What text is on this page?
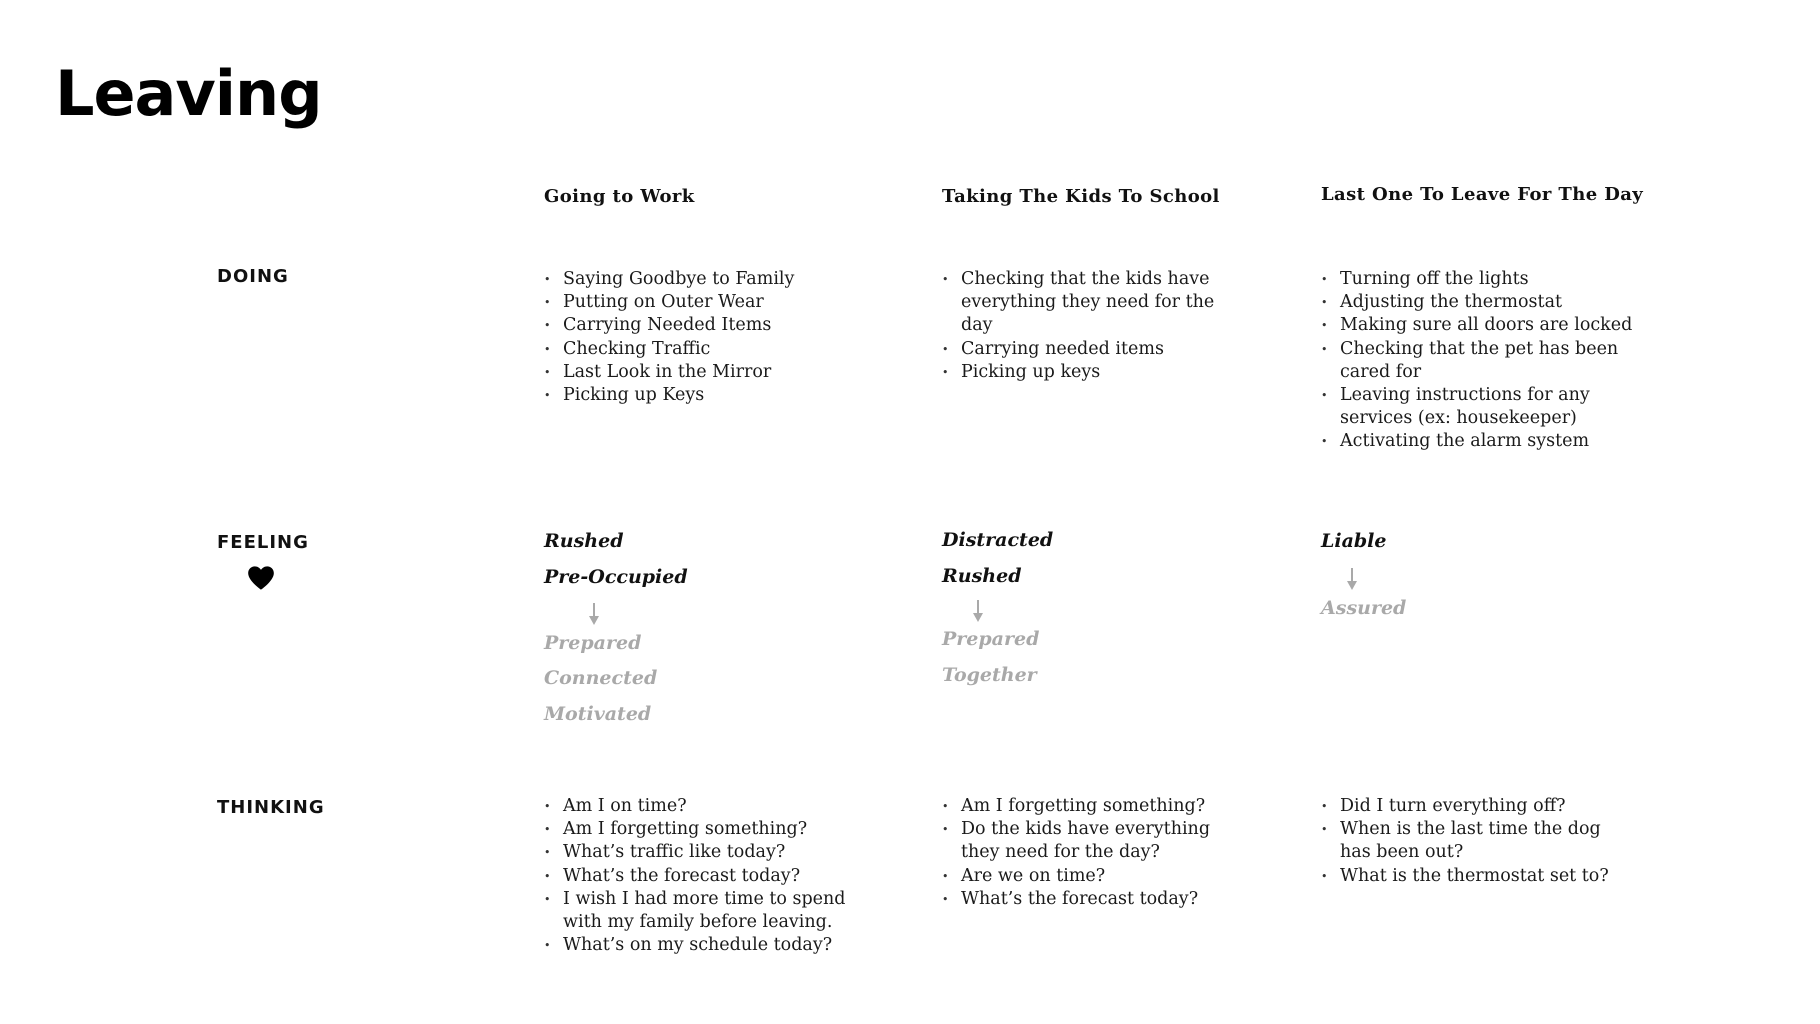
Leaving
Going to Work	Taking The Kids To School	Last One To Leave For The Day
DOING
FEELING
THINKING
• Saying Goodbye to Family
• Putting on Outer Wear
• Carrying Needed Items
• Checking Traffic
• Last Look in the Mirror
• Picking up Keys
• Checking that the kids have everything they need for the day
• Carrying needed items
• Picking up keys
• Turning off the lights
• Adjusting the thermostat
• Making sure all doors are locked
• Checking that the pet has been cared for
• Leaving instructions for any services (ex: housekeeper)
• Activating the alarm system
Rushed
Pre-Occupied
Prepared
Connected
Motivated
Distracted
Rushed
Prepared
Together
Liable
Assured
• Am I on time?
• Am I forgetting something?
• What’s traffic like today?
• What’s the forecast today?
• I wish I had more time to spend with my family before leaving.
• What’s on my schedule today?
• Am I forgetting something?
• Do the kids have everything they need for the day?
• Are we on time?
• What’s the forecast today?
• Did I turn everything off?
• When is the last time the dog has been out?
• What is the thermostat set to?
